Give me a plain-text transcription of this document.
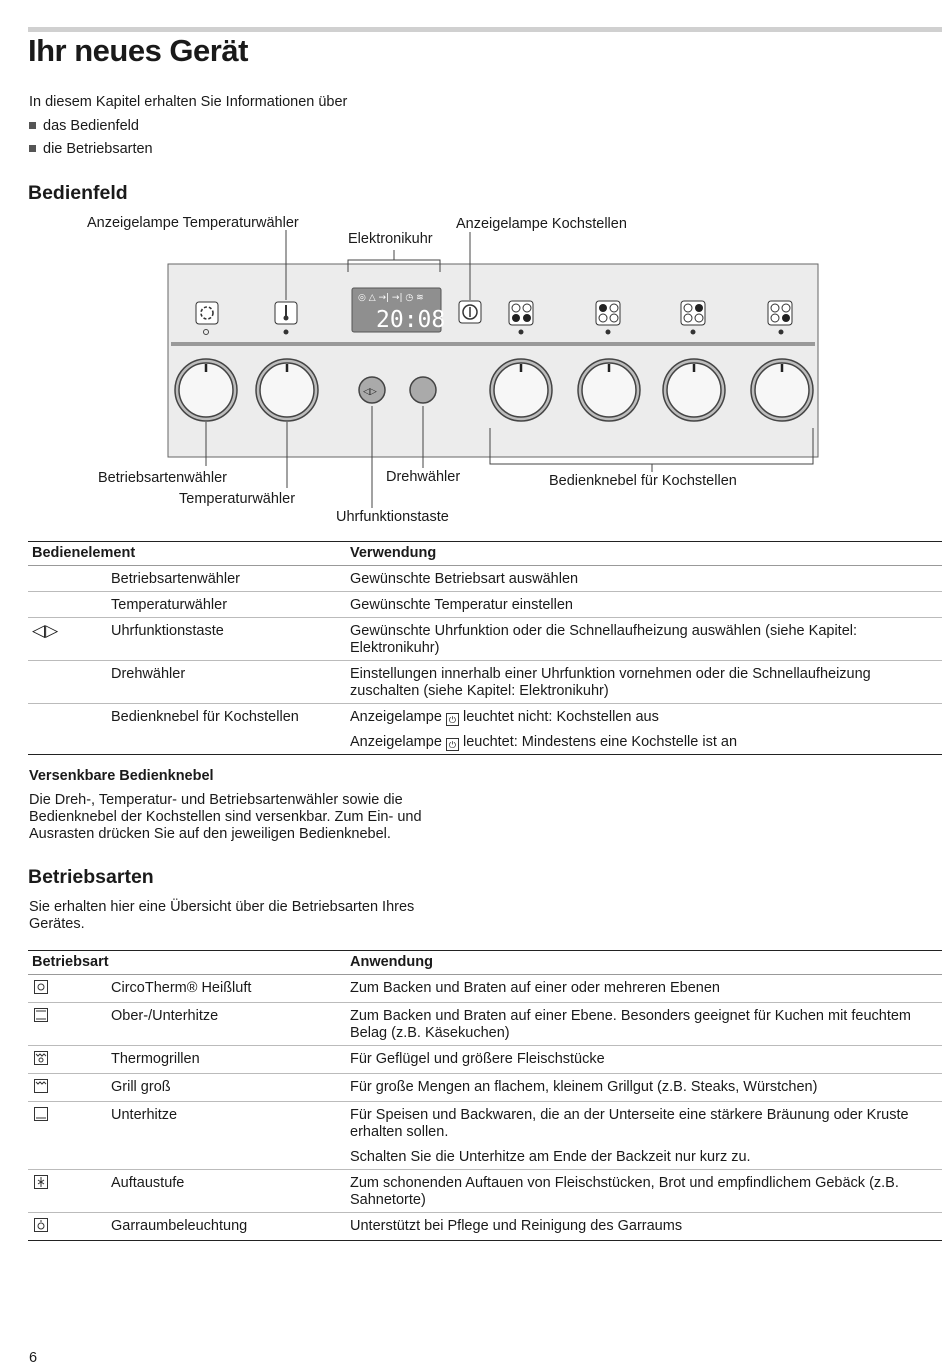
Ihr neues Gerät
In diesem Kapitel erhalten Sie Informationen über
das Bedienfeld
die Betriebsarten
Bedienfeld
◎ △ →| →| ◷ ≋
20:08
◁▷
Anzeigelampe Temperaturwähler
Elektronikuhr
Anzeigelampe Kochstellen
Betriebsartenwähler
Temperaturwähler
Drehwähler
Uhrfunktionstaste
Bedienknebel für Kochstellen
Bedienelement		Verwendung
	Betriebsartenwähler	Gewünschte Betriebsart auswählen
	Temperaturwähler	Gewünschte Temperatur einstellen
◁▷	Uhrfunktionstaste	Gewünschte Uhrfunktion oder die Schnellaufheizung auswählen (siehe Kapitel: Elektronikuhr)
	Drehwähler	Einstellungen innerhalb einer Uhrfunktion vornehmen oder die Schnellaufheizung zuschalten (siehe Kapitel: Elektronikuhr)
	Bedienknebel für Kochstellen	Anzeigelampe ⏻ leuchtet nicht: Kochstellen aus
Anzeigelampe ⏻ leuchtet: Mindestens eine Kochstelle ist an
Versenkbare Bedienknebel
Die Dreh-, Temperatur- und Betriebsartenwähler sowie die Bedienknebel der Kochstellen sind versenkbar. Zum Ein- und Ausrasten drücken Sie auf den jeweiligen Bedienknebel.
Betriebsarten
Sie erhalten hier eine Übersicht über die Betriebsarten Ihres Gerätes.
Betriebsart		Anwendung

	CircoTherm® Heißluft	Zum Backen und Braten auf einer oder mehreren Ebenen

	Ober-/Unterhitze	Zum Backen und Braten auf einer Ebene. Besonders geeignet für Kuchen mit feuchtem Belag (z.B. Käsekuchen)

	Thermogrillen	Für Geflügel und größere Fleischstücke

	Grill groß	Für große Mengen an flachem, kleinem Grillgut (z.B. Steaks, Würstchen)

	Unterhitze	Für Speisen und Backwaren, die an der Unterseite eine stärkere Bräunung oder Kruste erhalten sollen.
Schalten Sie die Unterhitze am Ende der Backzeit nur kurz zu.

	Auftaustufe	Zum schonenden Auftauen von Fleischstücken, Brot und empfindlichem Gebäck (z.B. Sahnetorte)

	Garraumbeleuchtung	Unterstützt bei Pflege und Reinigung des Garraums
6
